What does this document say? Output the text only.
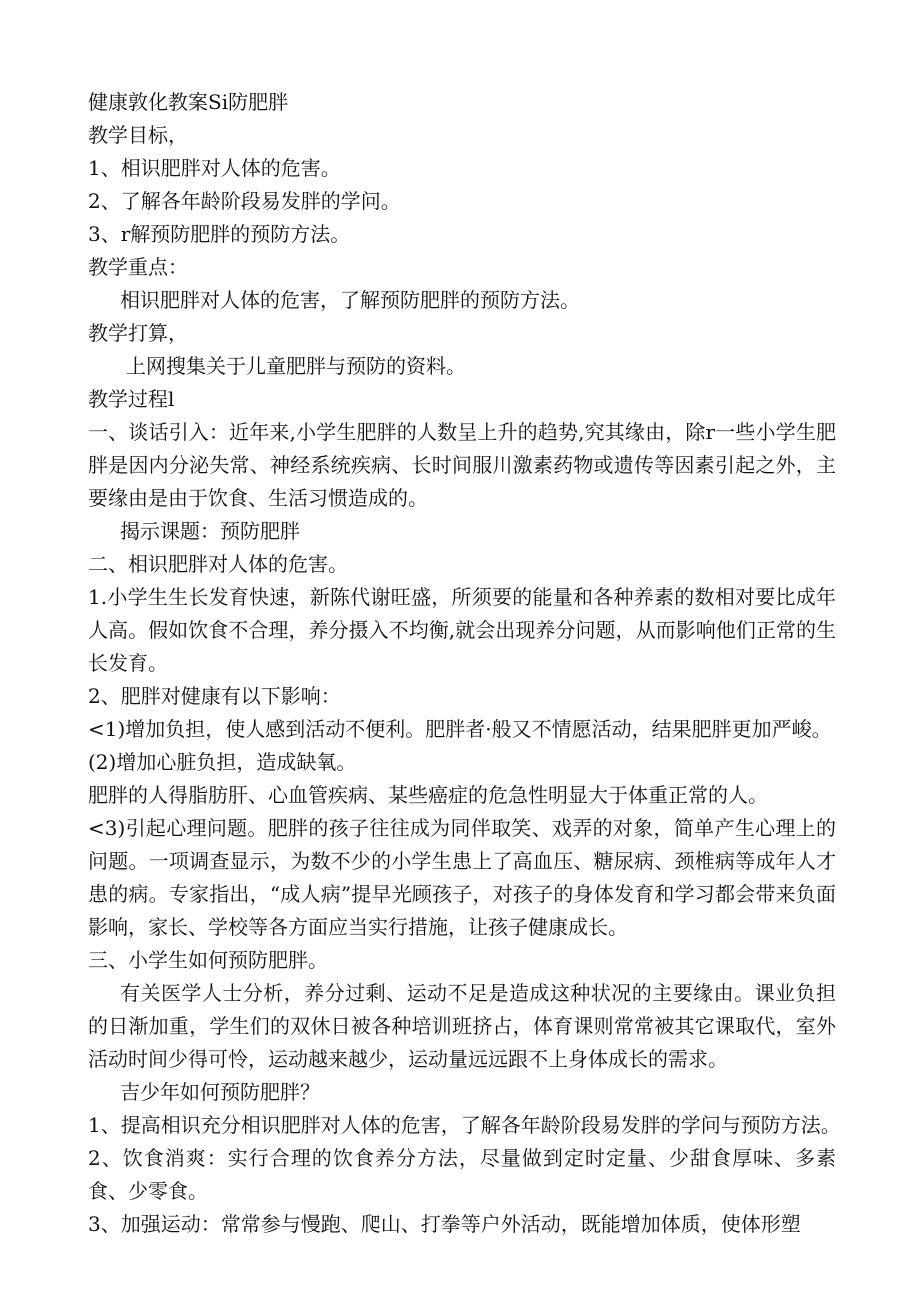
健康敦化教案Si防肥胖

教学目标，

1、相识肥胖对人体的危害。

2、了解各年龄阶段易发胖的学问。

3、r解预防肥胖的预防方法。

教学重点：

相识肥胖对人体的危害，了解预防肥胖的预防方法。

教学打算，

上网搜集关于儿童肥胖与预防的资料。

教学过程l

一、谈话引入：近年来,小学生肥胖的人数呈上升的趋势,究其缘由，除r一些小学生肥胖是因内分泌失常、神经系统疾病、长时间服川激素药物或遗传等因素引起之外，主要缘由是由于饮食、生活习惯造成的。

揭示课题：预防肥胖

二、相识肥胖对人体的危害。

1.小学生生长发育快速，新陈代谢旺盛，所须要的能量和各种养素的数相对要比成年人高。假如饮食不合理，养分摄入不均衡,就会出现养分问题，从而影响他们正常的生长发育。

2、肥胖对健康有以下影响：

<1)增加负担，使人感到活动不便利。肥胖者·般又不情愿活动，结果肥胖更加严峻。

(2)增加心脏负担，造成缺氧。

肥胖的人得脂肪肝、心血管疾病、某些癌症的危急性明显大于体重正常的人。

<3)引起心理问题。肥胖的孩子往往成为同伴取笑、戏弄的对象，简单产生心理上的问题。一项调查显示，为数不少的小学生患上了高血压、糖尿病、颈椎病等成年人才患的病。专家指出，“成人病”提早光顾孩子，对孩子的身体发育和学习都会带来负面影响，家长、学校等各方面应当实行措施，让孩子健康成长。

三、小学生如何预防肥胖。

有关医学人士分析，养分过剩、运动不足是造成这种状况的主要缘由。课业负担的日渐加重，学生们的双休日被各种培训班挤占，体育课则常常被其它课取代，室外活动时间少得可怜，运动越来越少，运动量远远跟不上身体成长的需求。

吉少年如何预防肥胖？

1、提高相识充分相识肥胖对人体的危害，了解各年龄阶段易发胖的学问与预防方法。

2、饮食消爽：实行合理的饮食养分方法，尽量做到定时定量、少甜食厚味、多素食、少零食。

3、加强运动：常常参与慢跑、爬山、打拳等户外活动，既能增加体质，使体形塑
